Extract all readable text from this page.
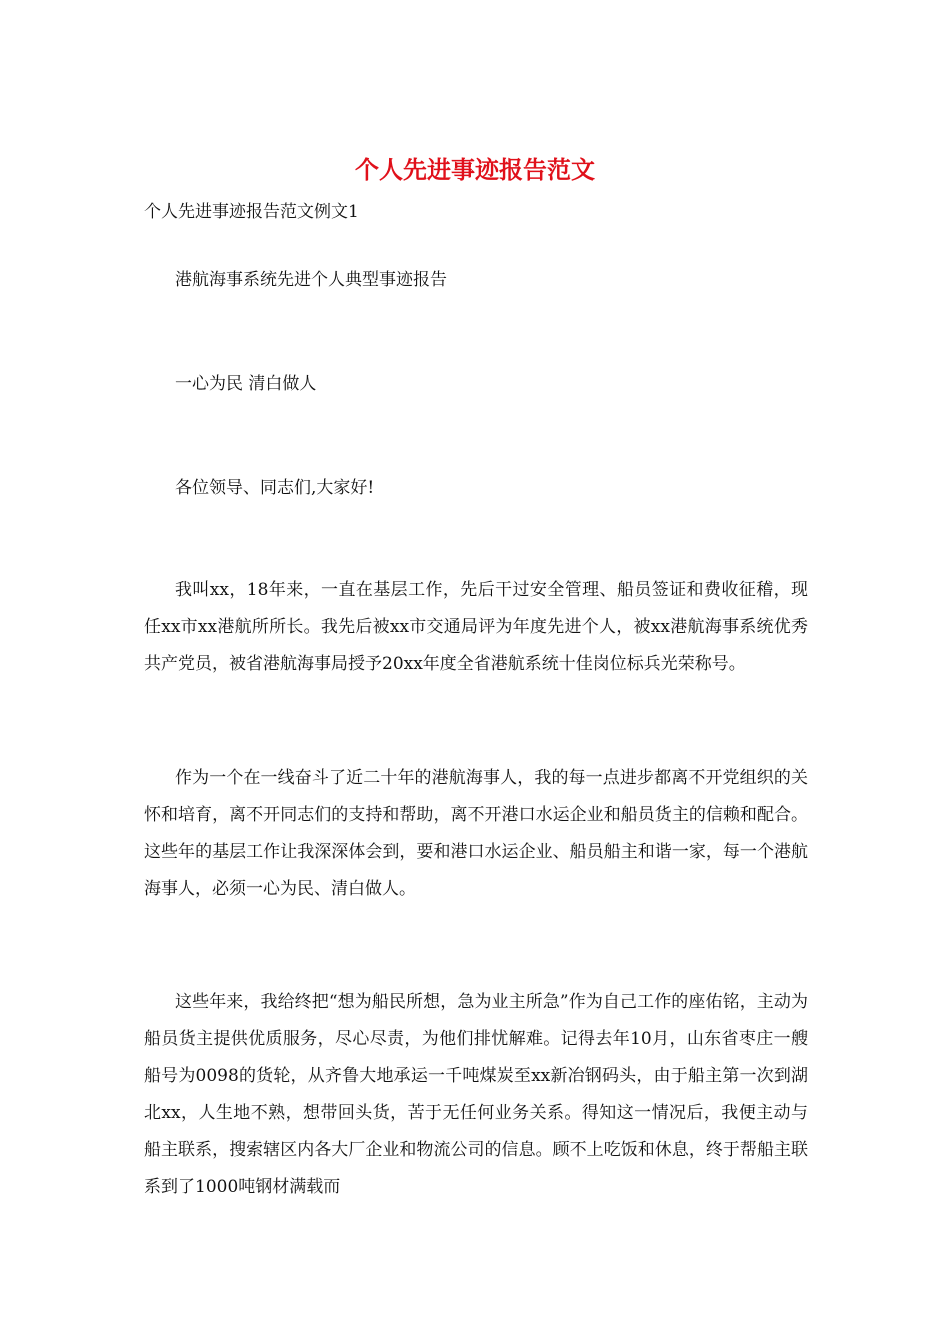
个人先进事迹报告范文

个人先进事迹报告范文例文1

港航海事系统先进个人典型事迹报告

一心为民 清白做人

各位领导、同志们,大家好!

我叫xx，18年来，一直在基层工作，先后干过安全管理、船员签证和费收征稽，现任xx市xx港航所所长。我先后被xx市交通局评为年度先进个人，被xx港航海事系统优秀共产党员，被省港航海事局授予20xx年度全省港航系统十佳岗位标兵光荣称号。

作为一个在一线奋斗了近二十年的港航海事人，我的每一点进步都离不开党组织的关怀和培育，离不开同志们的支持和帮助，离不开港口水运企业和船员货主的信赖和配合。这些年的基层工作让我深深体会到，要和港口水运企业、船员船主和谐一家，每一个港航海事人，必须一心为民、清白做人。

这些年来，我给终把“想为船民所想，急为业主所急”作为自己工作的座佑铭，主动为船员货主提供优质服务，尽心尽责，为他们排忧解难。记得去年10月，山东省枣庄一艘船号为0098的货轮，从齐鲁大地承运一千吨煤炭至xx新冶钢码头，由于船主第一次到湖北xx，人生地不熟，想带回头货，苦于无任何业务关系。得知这一情况后，我便主动与船主联系，搜索辖区内各大厂企业和物流公司的信息。顾不上吃饭和休息，终于帮船主联系到了1000吨钢材满载而
